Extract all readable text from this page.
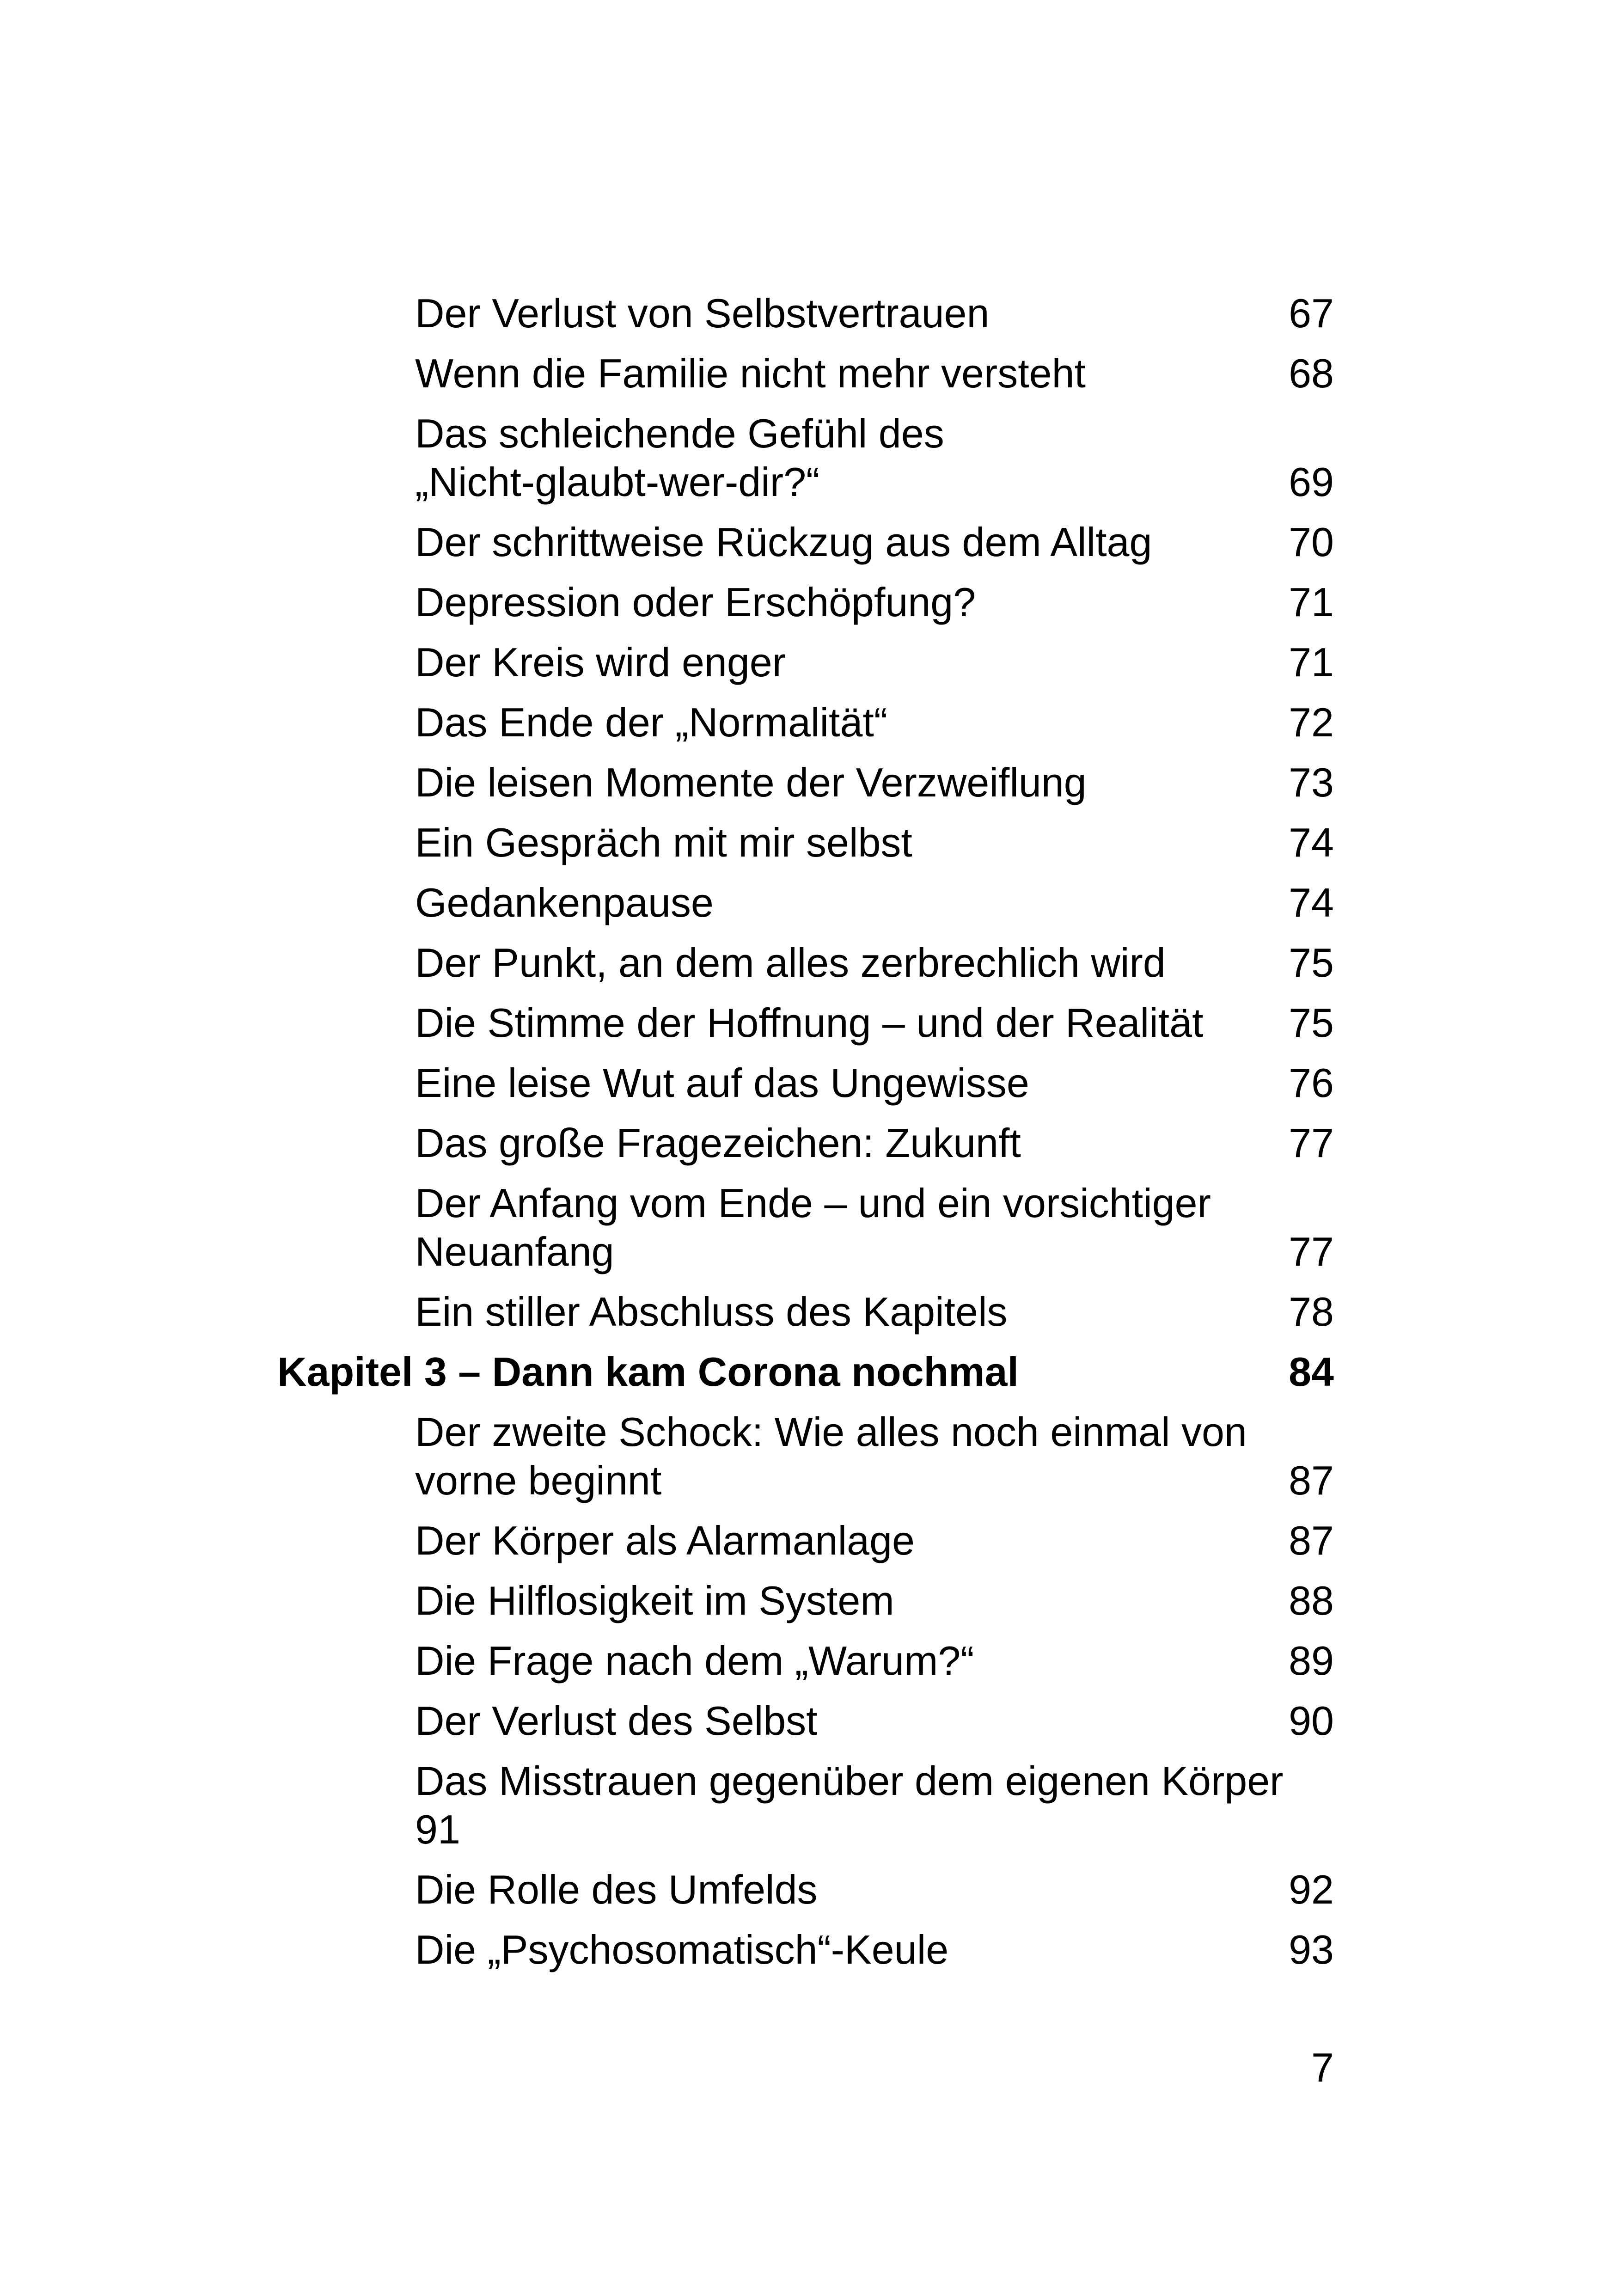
Der Verlust von Selbstvertrauen	67
Wenn die Familie nicht mehr versteht	68
Das schleichende Gefühl des
„Nicht-glaubt-wer-dir?“	69
Der schrittweise Rückzug aus dem Alltag	70
Depression oder Erschöpfung?	71
Der Kreis wird enger	71
Das Ende der „Normalität“	72
Die leisen Momente der Verzweiflung	73
Ein Gespräch mit mir selbst	74
Gedankenpause	74
Der Punkt, an dem alles zerbrechlich wird	75
Die Stimme der Hoffnung – und der Realität 75
Eine leise Wut auf das Ungewisse	76
Das große Fragezeichen: Zukunft	77
Der Anfang vom Ende – und ein vorsichtiger
Neuanfang	77
Ein stiller Abschluss des Kapitels	78
Kapitel 3 – Dann kam Corona nochmal	84
Der zweite Schock: Wie alles noch einmal von
vorne beginnt	87
Der Körper als Alarmanlage	87
Die Hilflosigkeit im System	88
Die Frage nach dem „Warum?“	89
Der Verlust des Selbst	90
Das Misstrauen gegenüber dem eigenen Körper
91
Die Rolle des Umfelds	92
Die „Psychosomatisch“-Keule	93
7
